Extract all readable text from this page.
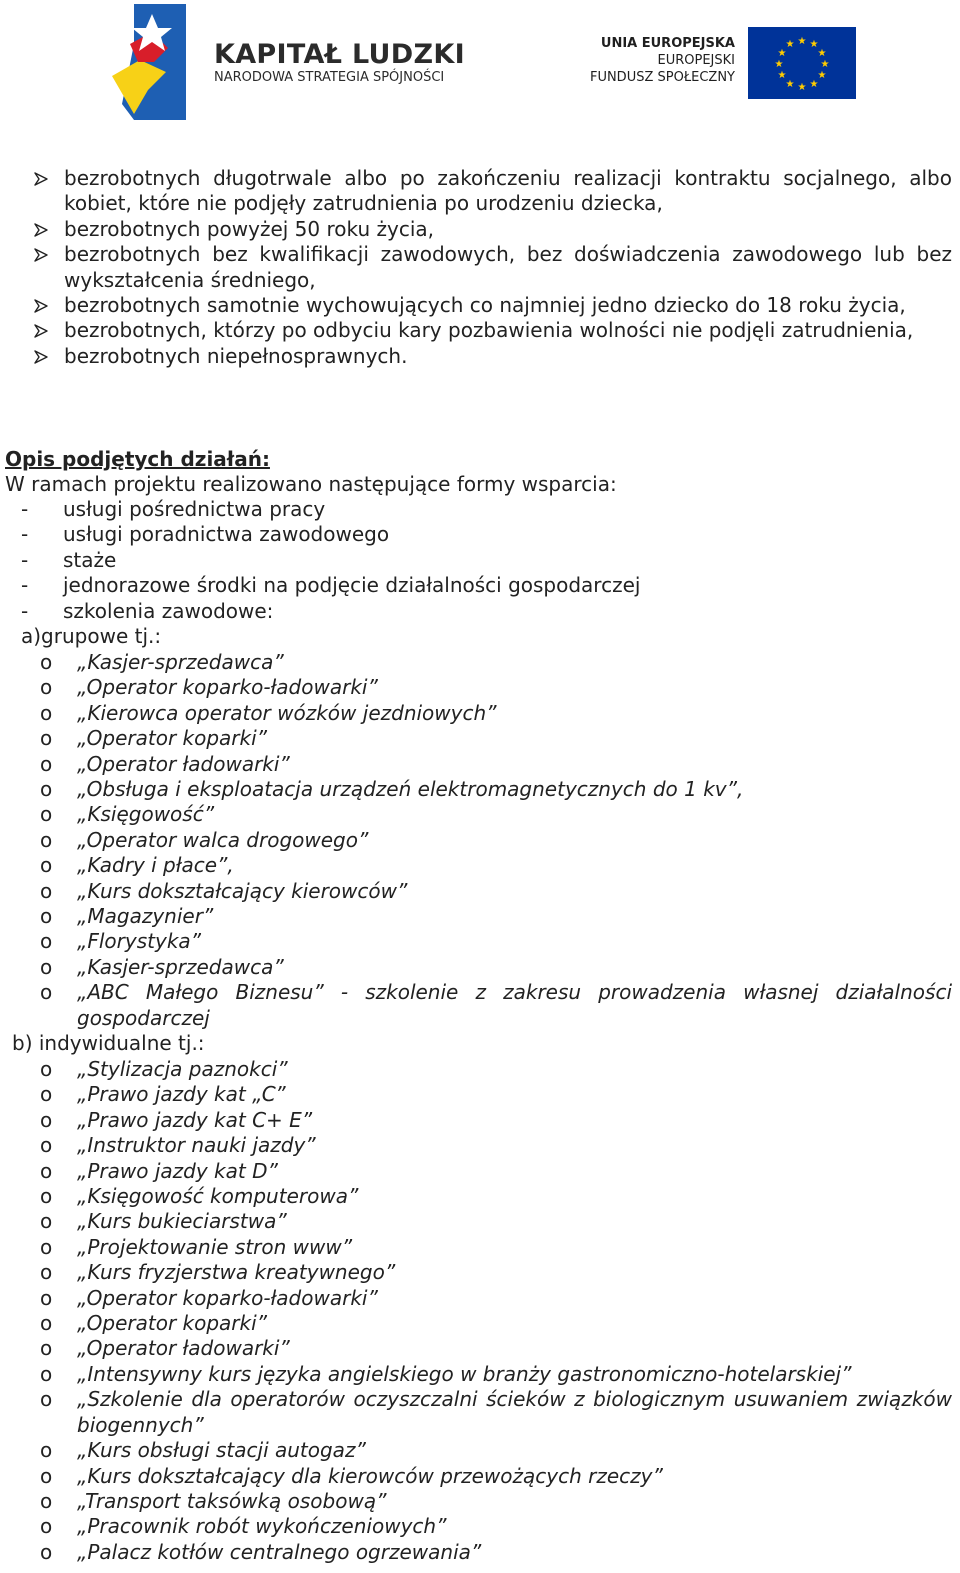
KAPITAŁ LUDZKI
NARODOWA STRATEGIA SPÓJNOŚCI
UNIA EUROPEJSKA
EUROPEJSKI
FUNDUSZ SPOŁECZNY
★ ★
★
★
★
★
★
★
★
★
★
★
bezrobotnych długotrwale albo po zakończeniu realizacji kontraktu socjalnego, albo kobiet, które nie podjęły zatrudnienia po urodzeniu dziecka,
bezrobotnych powyżej 50 roku życia,
bezrobotnych bez kwalifikacji zawodowych, bez doświadczenia zawodowego lub bez wykształcenia średniego,
bezrobotnych samotnie wychowujących co najmniej jedno dziecko do 18 roku życia,
bezrobotnych, którzy po odbyciu kary pozbawienia wolności nie podjęli zatrudnienia,
bezrobotnych niepełnosprawnych.
Opis podjętych działań:
W ramach projektu realizowano następujące formy wsparcia:
- usługi pośrednictwa pracy
- usługi poradnictwa zawodowego
- staże
- jednorazowe środki na podjęcie działalności gospodarczej
- szkolenia zawodowe:
a)grupowe tj.:
o „Kasjer-sprzedawca”
o „Operator koparko-ładowarki”
o „Kierowca operator wózków jezdniowych”
o „Operator koparki”
o „Operator ładowarki”
o „Obsługa i eksploatacja urządzeń elektromagnetycznych do 1 kv”,
o „Księgowość”
o „Operator walca drogowego”
o „Kadry i płace”,
o „Kurs dokształcający kierowców”
o „Magazynier”
o „Florystyka”
o „Kasjer-sprzedawca”
o „ABC Małego Biznesu” - szkolenie z zakresu prowadzenia własnej działalności gospodarczej
b) indywidualne tj.:
o „Stylizacja paznokci”
o „Prawo jazdy kat „C”
o „Prawo jazdy kat C+ E”
o „Instruktor nauki jazdy”
o „Prawo jazdy kat D”
o „Księgowość komputerowa”
o „Kurs bukieciarstwa”
o „Projektowanie stron www”
o „Kurs fryzjerstwa kreatywnego”
o „Operator koparko-ładowarki”
o „Operator koparki”
o „Operator ładowarki”
o „Intensywny kurs języka angielskiego w branży gastronomiczno-hotelarskiej”
o „Szkolenie dla operatorów oczyszczalni ścieków z biologicznym usuwaniem związków biogennych”
o „Kurs obsługi stacji autogaz”
o „Kurs dokształcający dla kierowców przewożących rzeczy”
o „Transport taksówką osobową”
o „Pracownik robót wykończeniowych”
o „Palacz kotłów centralnego ogrzewania”
